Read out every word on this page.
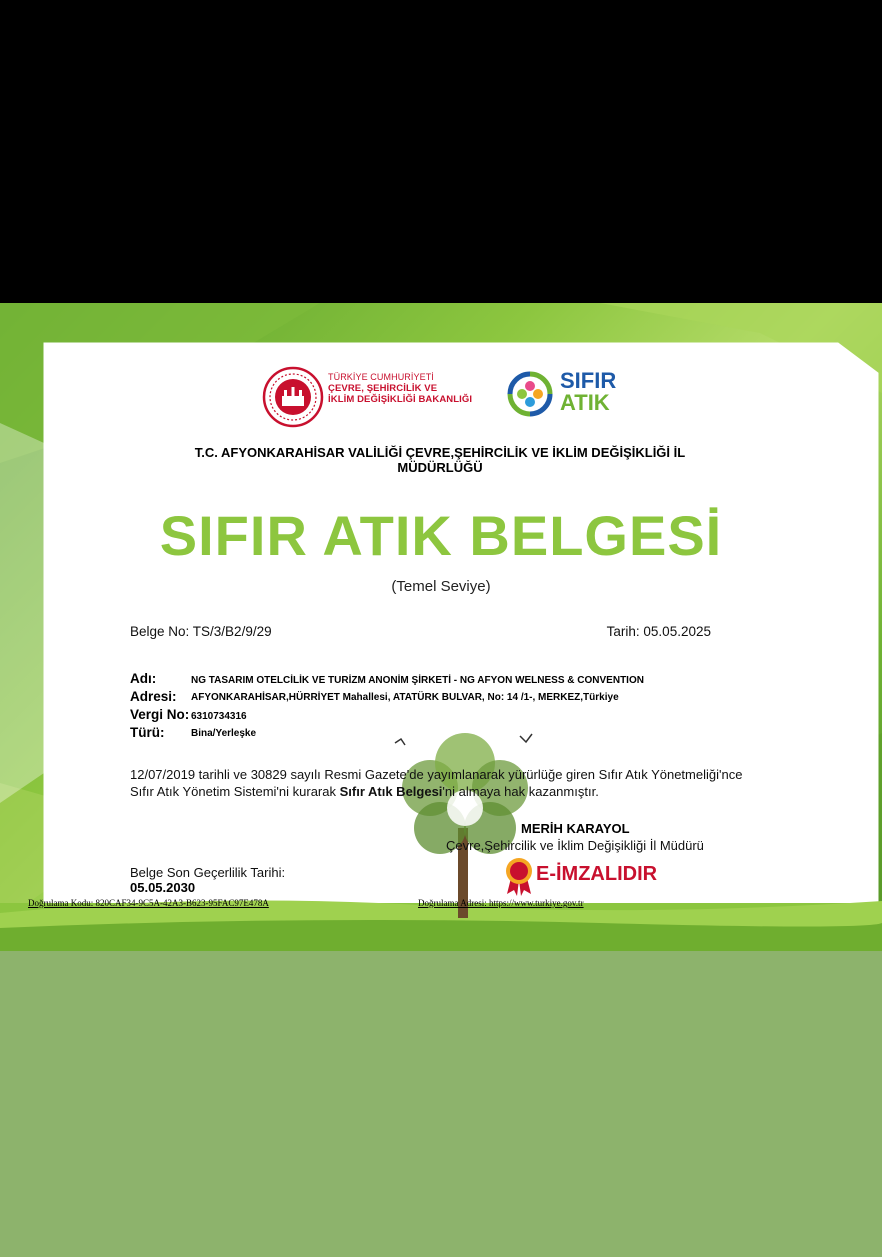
TÜRKİYE CUMHURİYETİ
ÇEVRE, ŞEHİRCİLİK VE
İKLİM DEĞİŞİKLİĞİ BAKANLIĞI
SIFIR
ATIK
T.C. AFYONKARAHİSAR VALİLİĞİ ÇEVRE,ŞEHİRCİLİK VE İKLİM DEĞİŞİKLİĞİ İL MÜDÜRLÜĞÜ
SIFIR ATIK BELGESİ
(Temel Seviye)
Belge No: TS/3/B2/9/29	Tarih: 05.05.2025
Adı:	NG TASARIM OTELCİLİK VE TURİZM ANONİM ŞİRKETİ - NG AFYON WELNESS & CONVENTION
Adresi: AFYONKARAHİSAR,HÜRRİYET Mahallesi, ATATÜRK BULVAR, No: 14 /1-, MERKEZ,Türkiye
Vergi No: 6310734316
Türü:	Bina/Yerleşke
12/07/2019 tarihli ve 30829 sayılı Resmi Gazete'de yayımlanarak yürürlüğe giren Sıfır Atık Yönetmeliği'nce Sıfır Atık Yönetim Sistemi'ni kurarak Sıfır Atık Belgesi'ni almaya hak kazanmıştır.
MERİH KARAYOL
Çevre,Şehircilik ve İklim Değişikliği İl Müdürü
Belge Son Geçerlilik Tarihi:
05.05.2030
E-İMZALIDIR
Doğrulama Kodu: 820CAF34-9C5A-42A3-B623-95FAC97E478A	Doğrulama Adresi: https://www.turkiye.gov.tr
